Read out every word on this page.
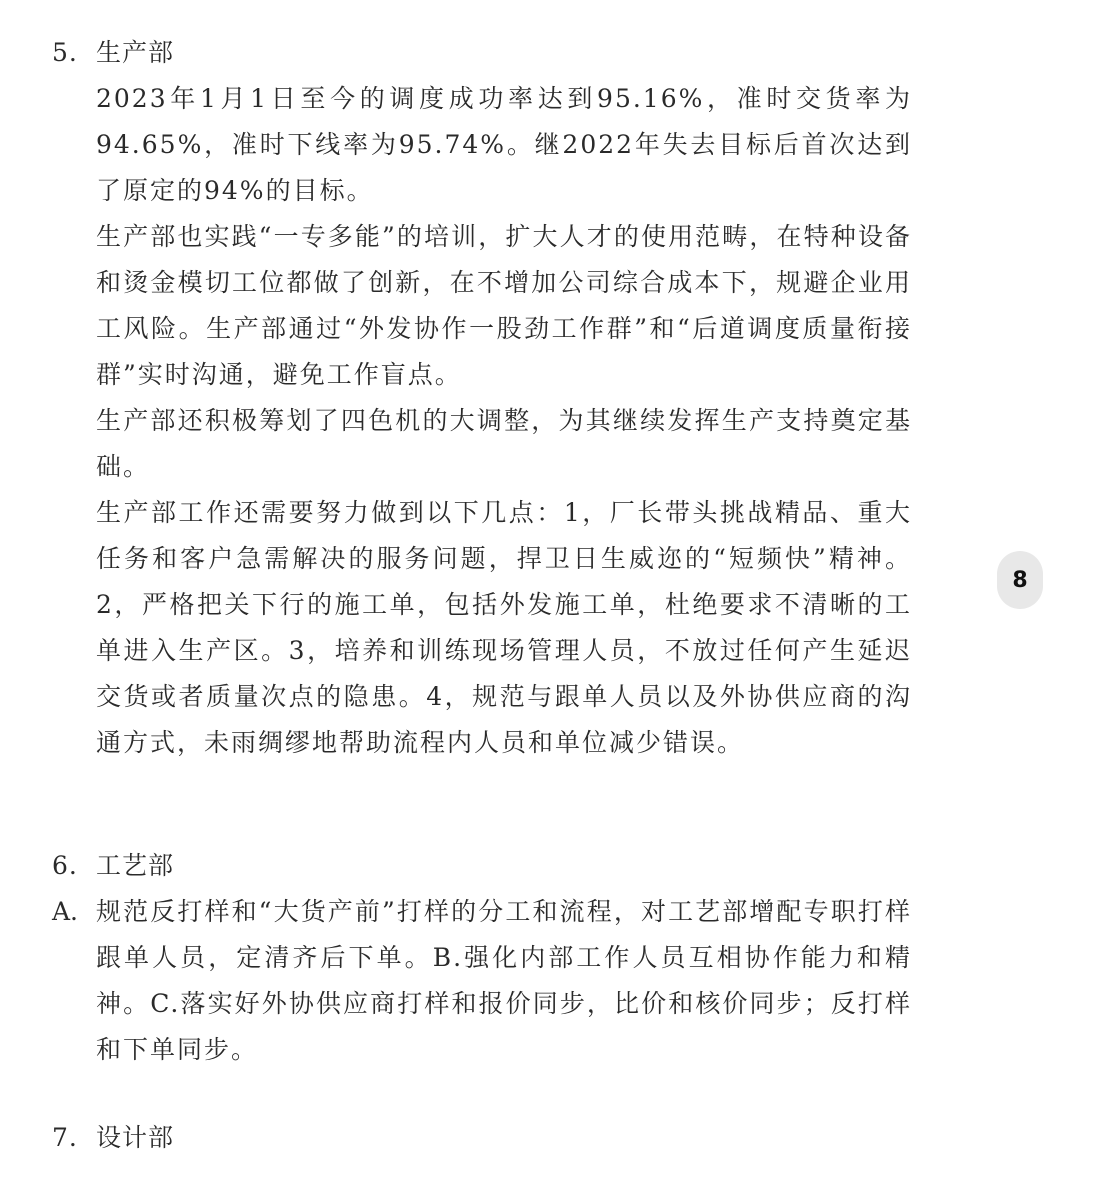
5. 生产部
2023年1月1日至今的调度成功率达到95.16%，准时交货率为94.65%，准时下线率为95.74%。继2022年失去目标后首次达到了原定的94%的目标。
生产部也实践“一专多能”的培训，扩大人才的使用范畴，在特种设备和烫金模切工位都做了创新，在不增加公司综合成本下，规避企业用工风险。生产部通过“外发协作一股劲工作群”和“后道调度质量衔接群”实时沟通，避免工作盲点。
生产部还积极筹划了四色机的大调整，为其继续发挥生产支持奠定基础。
生产部工作还需要努力做到以下几点：1，厂长带头挑战精品、重大任务和客户急需解决的服务问题，捍卫日生威迩的“短频快”精神。2，严格把关下行的施工单，包括外发施工单，杜绝要求不清晰的工单进入生产区。3，培养和训练现场管理人员，不放过任何产生延迟交货或者质量次点的隐患。4，规范与跟单人员以及外协供应商的沟通方式，未雨绸缪地帮助流程内人员和单位减少错误。
6. 工艺部
A. 规范反打样和“大货产前”打样的分工和流程，对工艺部增配专职打样跟单人员，定清齐后下单。B.强化内部工作人员互相协作能力和精神。C.落实好外协供应商打样和报价同步，比价和核价同步；反打样和下单同步。
7. 设计部
8
